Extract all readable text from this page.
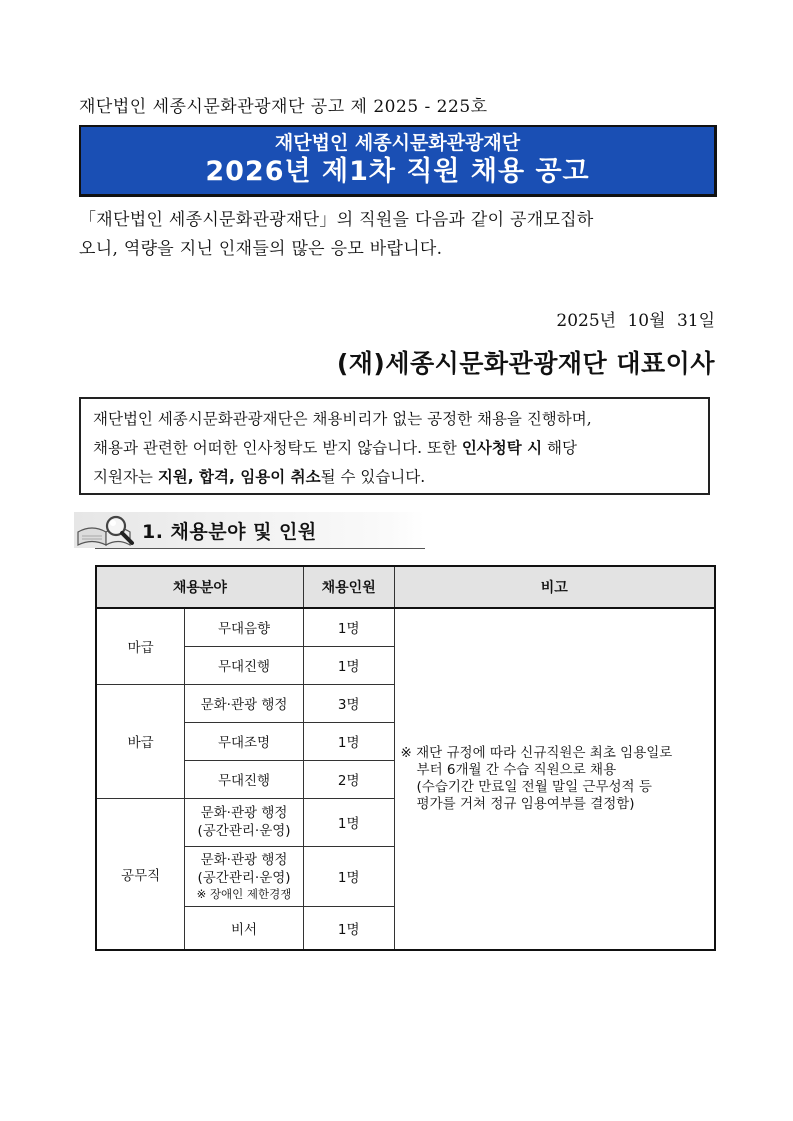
재단법인 세종시문화관광재단 공고 제 2025 - 225호
재단법인 세종시문화관광재단
2026년 제1차 직원 채용 공고
「재단법인 세종시문화관광재단」의 직원을 다음과 같이 공개모집하
오니, 역량을 지닌 인재들의 많은 응모 바랍니다.
2025년 10월 31일
(재)세종시문화관광재단 대표이사
재단법인 세종시문화관광재단은 채용비리가 없는 공정한 채용을 진행하며,
채용과 관련한 어떠한 인사청탁도 받지 않습니다. 또한 인사청탁 시 해당
지원자는 지원, 합격, 임용이 취소될 수 있습니다.
1. 채용분야 및 인원
채용분야		채용인원	비고
마급	무대음향	1명	※ 재단 규정에 따라 신규직원은 최초 임용일로
부터 6개월 간 수습 직원으로 채용
(수습기간 만료일 전월 말일 근무성적 등
평가를 거쳐 정규 임용여부를 결정함)

	무대진행	1명	
바급	문화·관광 행정	3명	
	무대조명	1명	
	무대진행	2명	
공무직	문화·관광 행정
(공간관리·운영)	1명	

	문화·관광 행정
(공간관리·운영)
※ 장애인 제한경쟁	1명	
	비서	1명	
